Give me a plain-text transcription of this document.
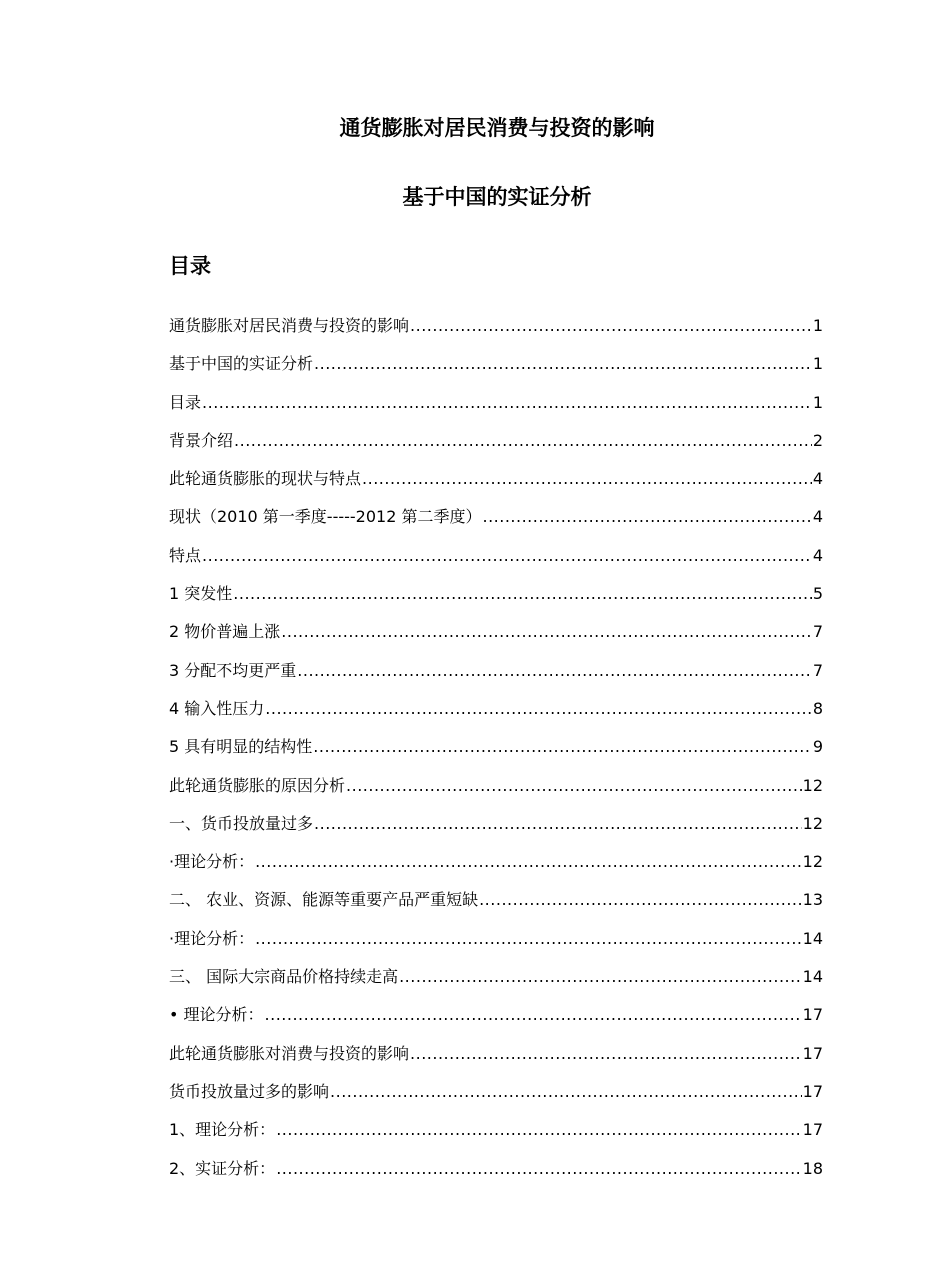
通货膨胀对居民消费与投资的影响
基于中国的实证分析
目录
通货膨胀对居民消费与投资的影响 .....	1
基于中国的实证分析 .....	1
目录 .....	1
背景介绍 .....	2
此轮通货膨胀的现状与特点 .....	4
现状（2010 第一季度-----2012 第二季度） .....	4
特点 .....	4
1 突发性 .....	5
2 物价普遍上涨 .....	7
3 分配不均更严重 .....	7
4 输入性压力 .....	8
5 具有明显的结构性 .....	9
此轮通货膨胀的原因分析 .....	12
一、货币投放量过多 .....	12
·理论分析： .....	12
二、 农业、资源、能源等重要产品严重短缺 .....	13
·理论分析： .....	14
三、 国际大宗商品价格持续走高 .....	14
• 理论分析： .....	17
此轮通货膨胀对消费与投资的影响 .....	17
货币投放量过多的影响 .....	17
1、理论分析： .....	17
2、实证分析： .....	18
